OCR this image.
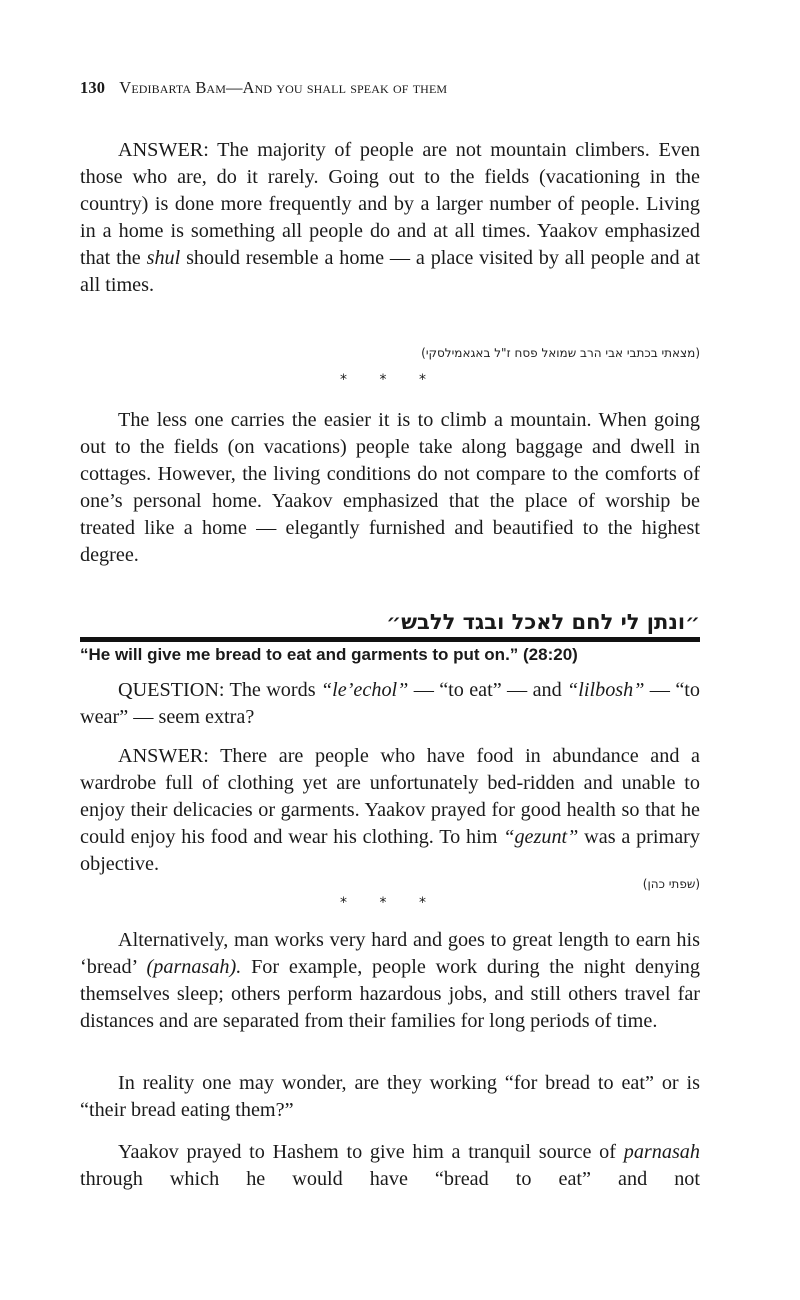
130 Vedibarta Bam—And you shall speak of them

ANSWER: The majority of people are not mountain climbers. Even those who are, do it rarely. Going out to the fields (vacationing in the country) is done more frequently and by a larger number of people. Living in a home is something all people do and at all times. Yaakov emphasized that the shul should resemble a home — a place visited by all people and at all times.

(מצאתי בכתבי אבי הרב שמואל פסח ז"ל באגאמילסקי)
* * *

The less one carries the easier it is to climb a mountain. When going out to the fields (on vacations) people take along baggage and dwell in cottages. However, the living conditions do not compare to the comforts of one’s personal home. Yaakov emphasized that the place of worship be treated like a home — elegantly furnished and beautified to the highest degree.

״ונתן לי לחם לאכל ובגד ללבש״
“He will give me bread to eat and garments to put on.” (28:20)

QUESTION: The words “le’echol” — “to eat” — and “lilbosh” — “to wear” — seem extra?

ANSWER: There are people who have food in abundance and a wardrobe full of clothing yet are unfortunately bed-ridden and unable to enjoy their delicacies or garments. Yaakov prayed for good health so that he could enjoy his food and wear his clothing. To him “gezunt” was a primary objective.

(שפתי כהן)
* * *

Alternatively, man works very hard and goes to great length to earn his ‘bread’ (parnasah). For example, people work during the night denying themselves sleep; others perform hazardous jobs, and still others travel far distances and are separated from their families for long periods of time.

In reality one may wonder, are they working “for bread to eat” or is “their bread eating them?”

Yaakov prayed to Hashem to give him a tranquil source of parnasah through which he would have “bread to eat” and not
